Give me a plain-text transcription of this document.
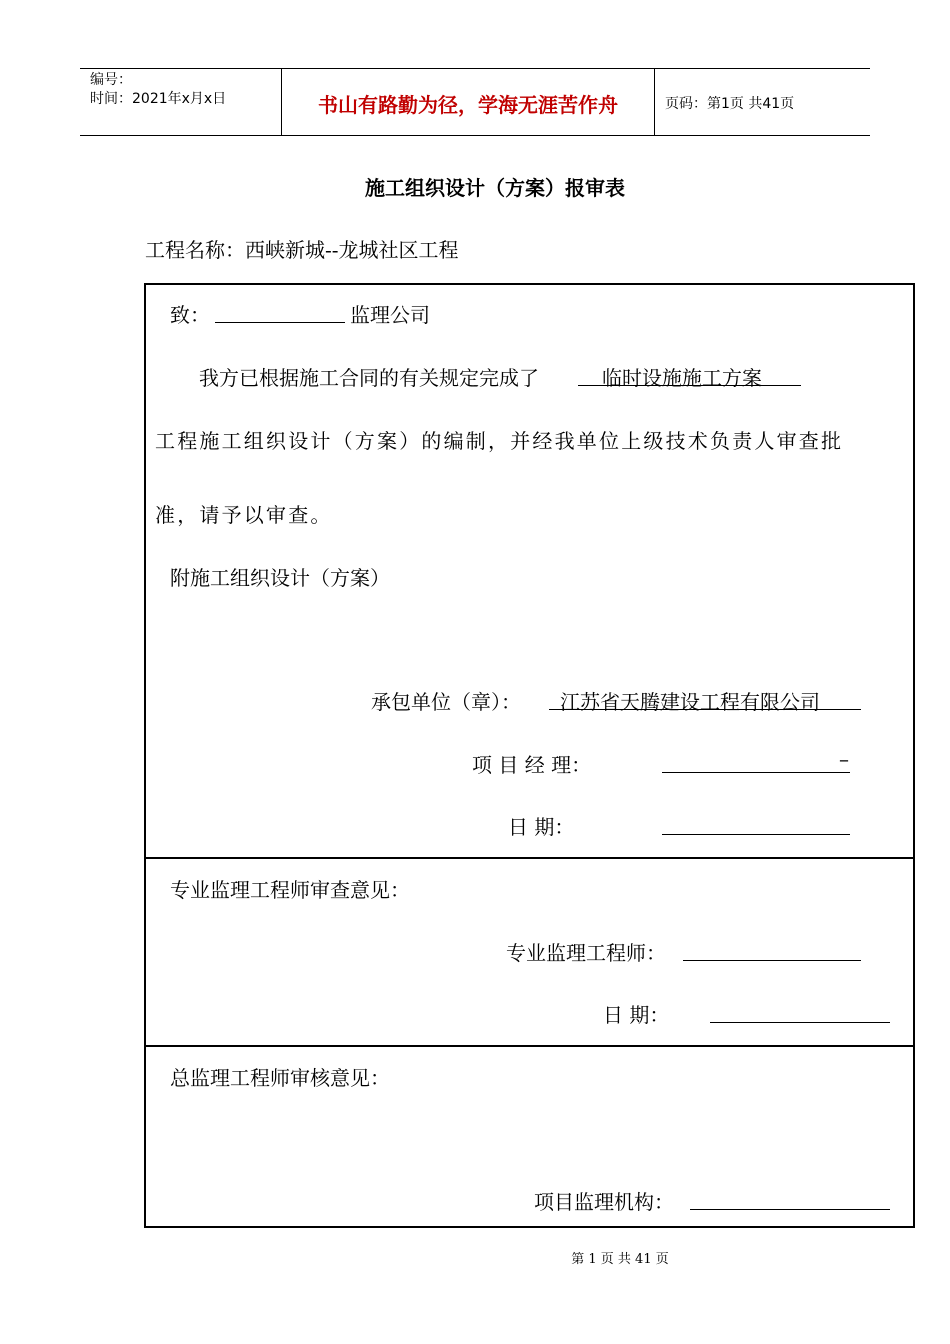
编号：
时间：2021年x月x日	书山有路勤为径，学海无涯苦作舟	页码：第1页 共41页
施工组织设计（方案）报审表
工程名称：西峡新城--龙城社区工程
致：	监理公司
我方已根据施工合同的有关规定完成了	临时设施施工方案
工程施工组织设计（方案）的编制，并经我单位上级技术负责人审查批
准，请予以审查。
附施工组织设计（方案）
承包单位（章）： 江苏省天腾建设工程有限公司
项 目 经 理：	–
日 期：
专业监理工程师审查意见：
专业监理工程师：
日 期：
总监理工程师审核意见：
项目监理机构：
第 1 页 共 41 页
